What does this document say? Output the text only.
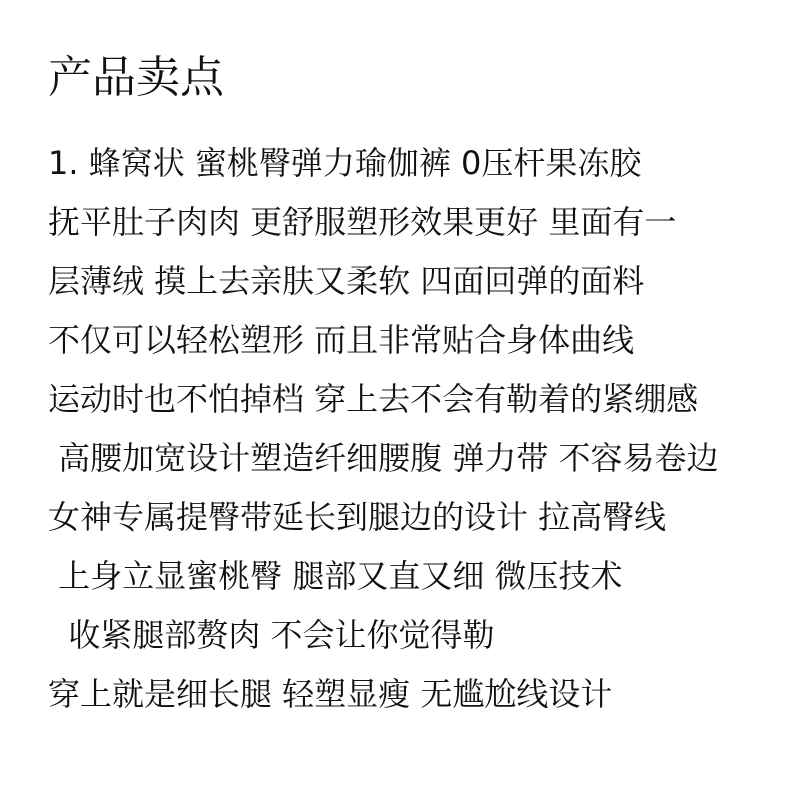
产品卖点
1. 蜂窝状 蜜桃臀弹力瑜伽裤 0压杆果冻胶
抚平肚子肉肉 更舒服塑形效果更好 里面有一
层薄绒 摸上去亲肤又柔软 四面回弹的面料
不仅可以轻松塑形 而且非常贴合身体曲线
运动时也不怕掉档 穿上去不会有勒着的紧绷感
高腰加宽设计塑造纤细腰腹 弹力带 不容易卷边
女神专属提臀带延长到腿边的设计 拉高臀线
上身立显蜜桃臀 腿部又直又细 微压技术
收紧腿部赘肉 不会让你觉得勒
穿上就是细长腿 轻塑显瘦 无尴尬线设计
